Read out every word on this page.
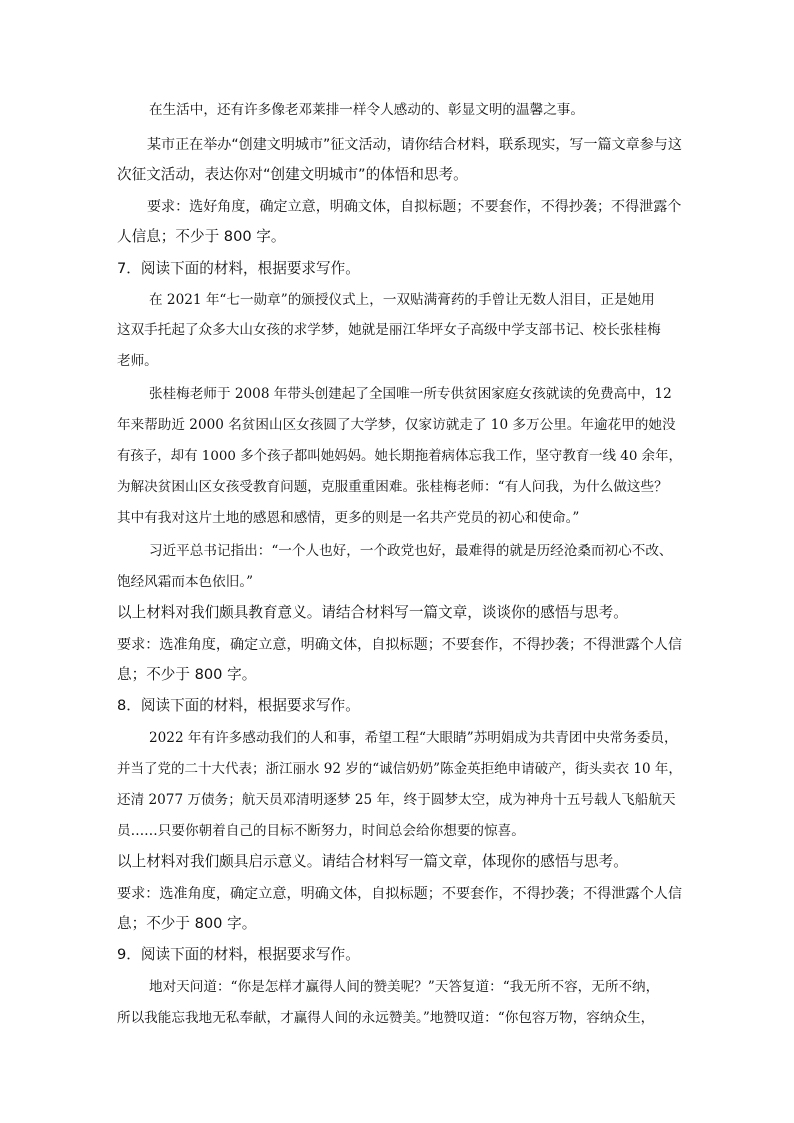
在生活中，还有许多像老邓莱排一样令人感动的、彰显文明的温馨之事。
某市正在举办“创建文明城市”征文活动，请你结合材料，联系现实，写一篇文章参与这
次征文活动，表达你对“创建文明城市”的体悟和思考。
要求：选好角度，确定立意，明确文体，自拟标题；不要套作，不得抄袭；不得泄露个
人信息；不少于 800 字。
7．阅读下面的材料，根据要求写作。
在 2021 年“七一勋章”的颁授仪式上，一双贴满膏药的手曾让无数人泪目，正是她用
这双手托起了众多大山女孩的求学梦，她就是丽江华坪女子高级中学支部书记、校长张桂梅
老师。
张桂梅老师于 2008 年带头创建起了全国唯一所专供贫困家庭女孩就读的免费高中，12
年来帮助近 2000 名贫困山区女孩圆了大学梦，仅家访就走了 10 多万公里。年逾花甲的她没
有孩子，却有 1000 多个孩子都叫她妈妈。她长期拖着病体忘我工作，坚守教育一线 40 余年，
为解决贫困山区女孩受教育问题，克服重重困难。张桂梅老师：“有人问我，为什么做这些？
其中有我对这片土地的感恩和感情，更多的则是一名共产党员的初心和使命。”
习近平总书记指出：“一个人也好，一个政党也好，最难得的就是历经沧桑而初心不改、
饱经风霜而本色依旧。”
以上材料对我们颇具教育意义。请结合材料写一篇文章，谈谈你的感悟与思考。
要求：选准角度，确定立意，明确文体，自拟标题；不要套作，不得抄袭；不得泄露个人信
息；不少于 800 字。
8．阅读下面的材料，根据要求写作。
2022 年有许多感动我们的人和事，希望工程“大眼睛”苏明娟成为共青团中央常务委员，
并当了党的二十大代表；浙江丽水 92 岁的“诚信奶奶”陈金英拒绝申请破产，街头卖衣 10 年，
还清 2077 万债务；航天员邓清明逐梦 25 年，终于圆梦太空，成为神舟十五号载人飞船航天
员……只要你朝着自己的目标不断努力，时间总会给你想要的惊喜。
以上材料对我们颇具启示意义。请结合材料写一篇文章，体现你的感悟与思考。
要求：选准角度，确定立意，明确文体，自拟标题；不要套作，不得抄袭；不得泄露个人信
息；不少于 800 字。
9．阅读下面的材料，根据要求写作。
地对天问道：“你是怎样才赢得人间的赞美呢？”天答复道：“我无所不容，无所不纳，
所以我能忘我地无私奉献，才赢得人间的永远赞美。”地赞叹道：“你包容万物，容纳众生，
